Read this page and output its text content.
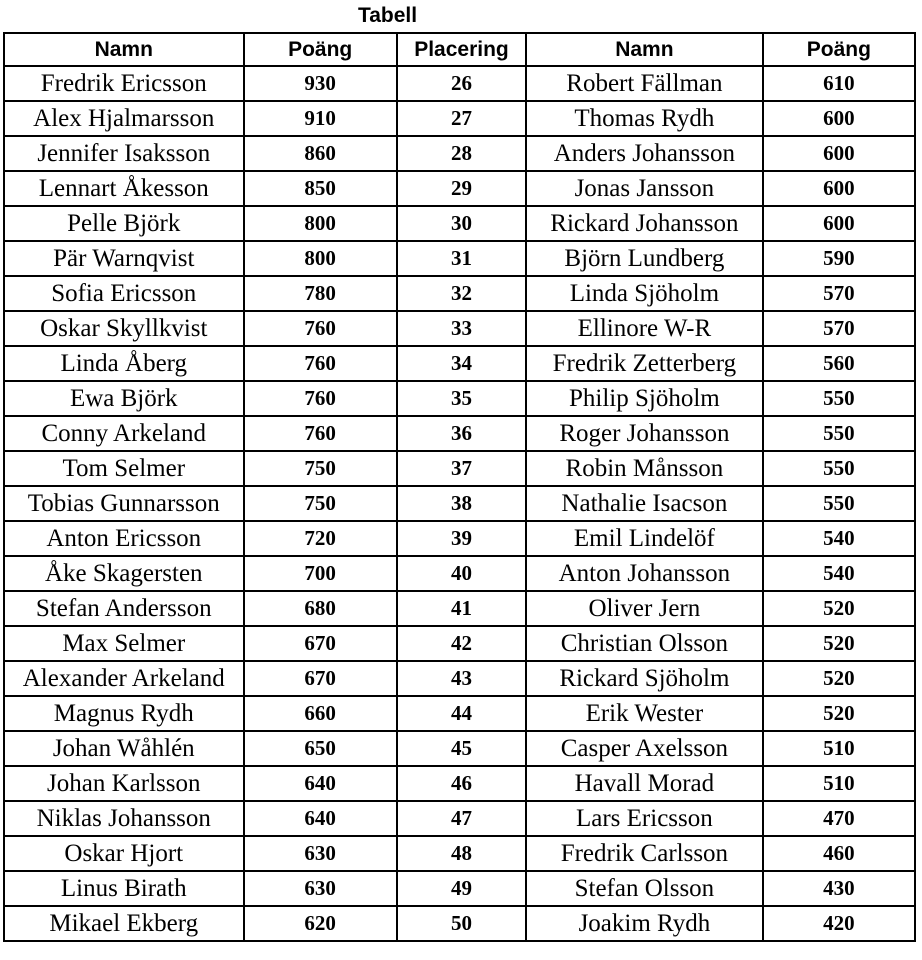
Tabell
Namn	Poäng	Placering	Namn	Poäng
Fredrik Ericsson	930	26	Robert Fällman	610
Alex Hjalmarsson	910	27	Thomas Rydh	600
Jennifer Isaksson	860	28	Anders Johansson	600
Lennart Åkesson	850	29	Jonas Jansson	600
Pelle Björk	800	30	Rickard Johansson	600
Pär Warnqvist	800	31	Björn Lundberg	590
Sofia Ericsson	780	32	Linda Sjöholm	570
Oskar Skyllkvist	760	33	Ellinore W-R	570
Linda Åberg	760	34	Fredrik Zetterberg	560
Ewa Björk	760	35	Philip Sjöholm	550
Conny Arkeland	760	36	Roger Johansson	550
Tom Selmer	750	37	Robin Månsson	550
Tobias Gunnarsson	750	38	Nathalie Isacson	550
Anton Ericsson	720	39	Emil Lindelöf	540
Åke Skagersten	700	40	Anton Johansson	540
Stefan Andersson	680	41	Oliver Jern	520
Max Selmer	670	42	Christian Olsson	520
Alexander Arkeland	670	43	Rickard Sjöholm	520
Magnus Rydh	660	44	Erik Wester	520
Johan Wåhlén	650	45	Casper Axelsson	510
Johan Karlsson	640	46	Havall Morad	510
Niklas Johansson	640	47	Lars Ericsson	470
Oskar Hjort	630	48	Fredrik Carlsson	460
Linus Birath	630	49	Stefan Olsson	430
Mikael Ekberg	620	50	Joakim Rydh	420
